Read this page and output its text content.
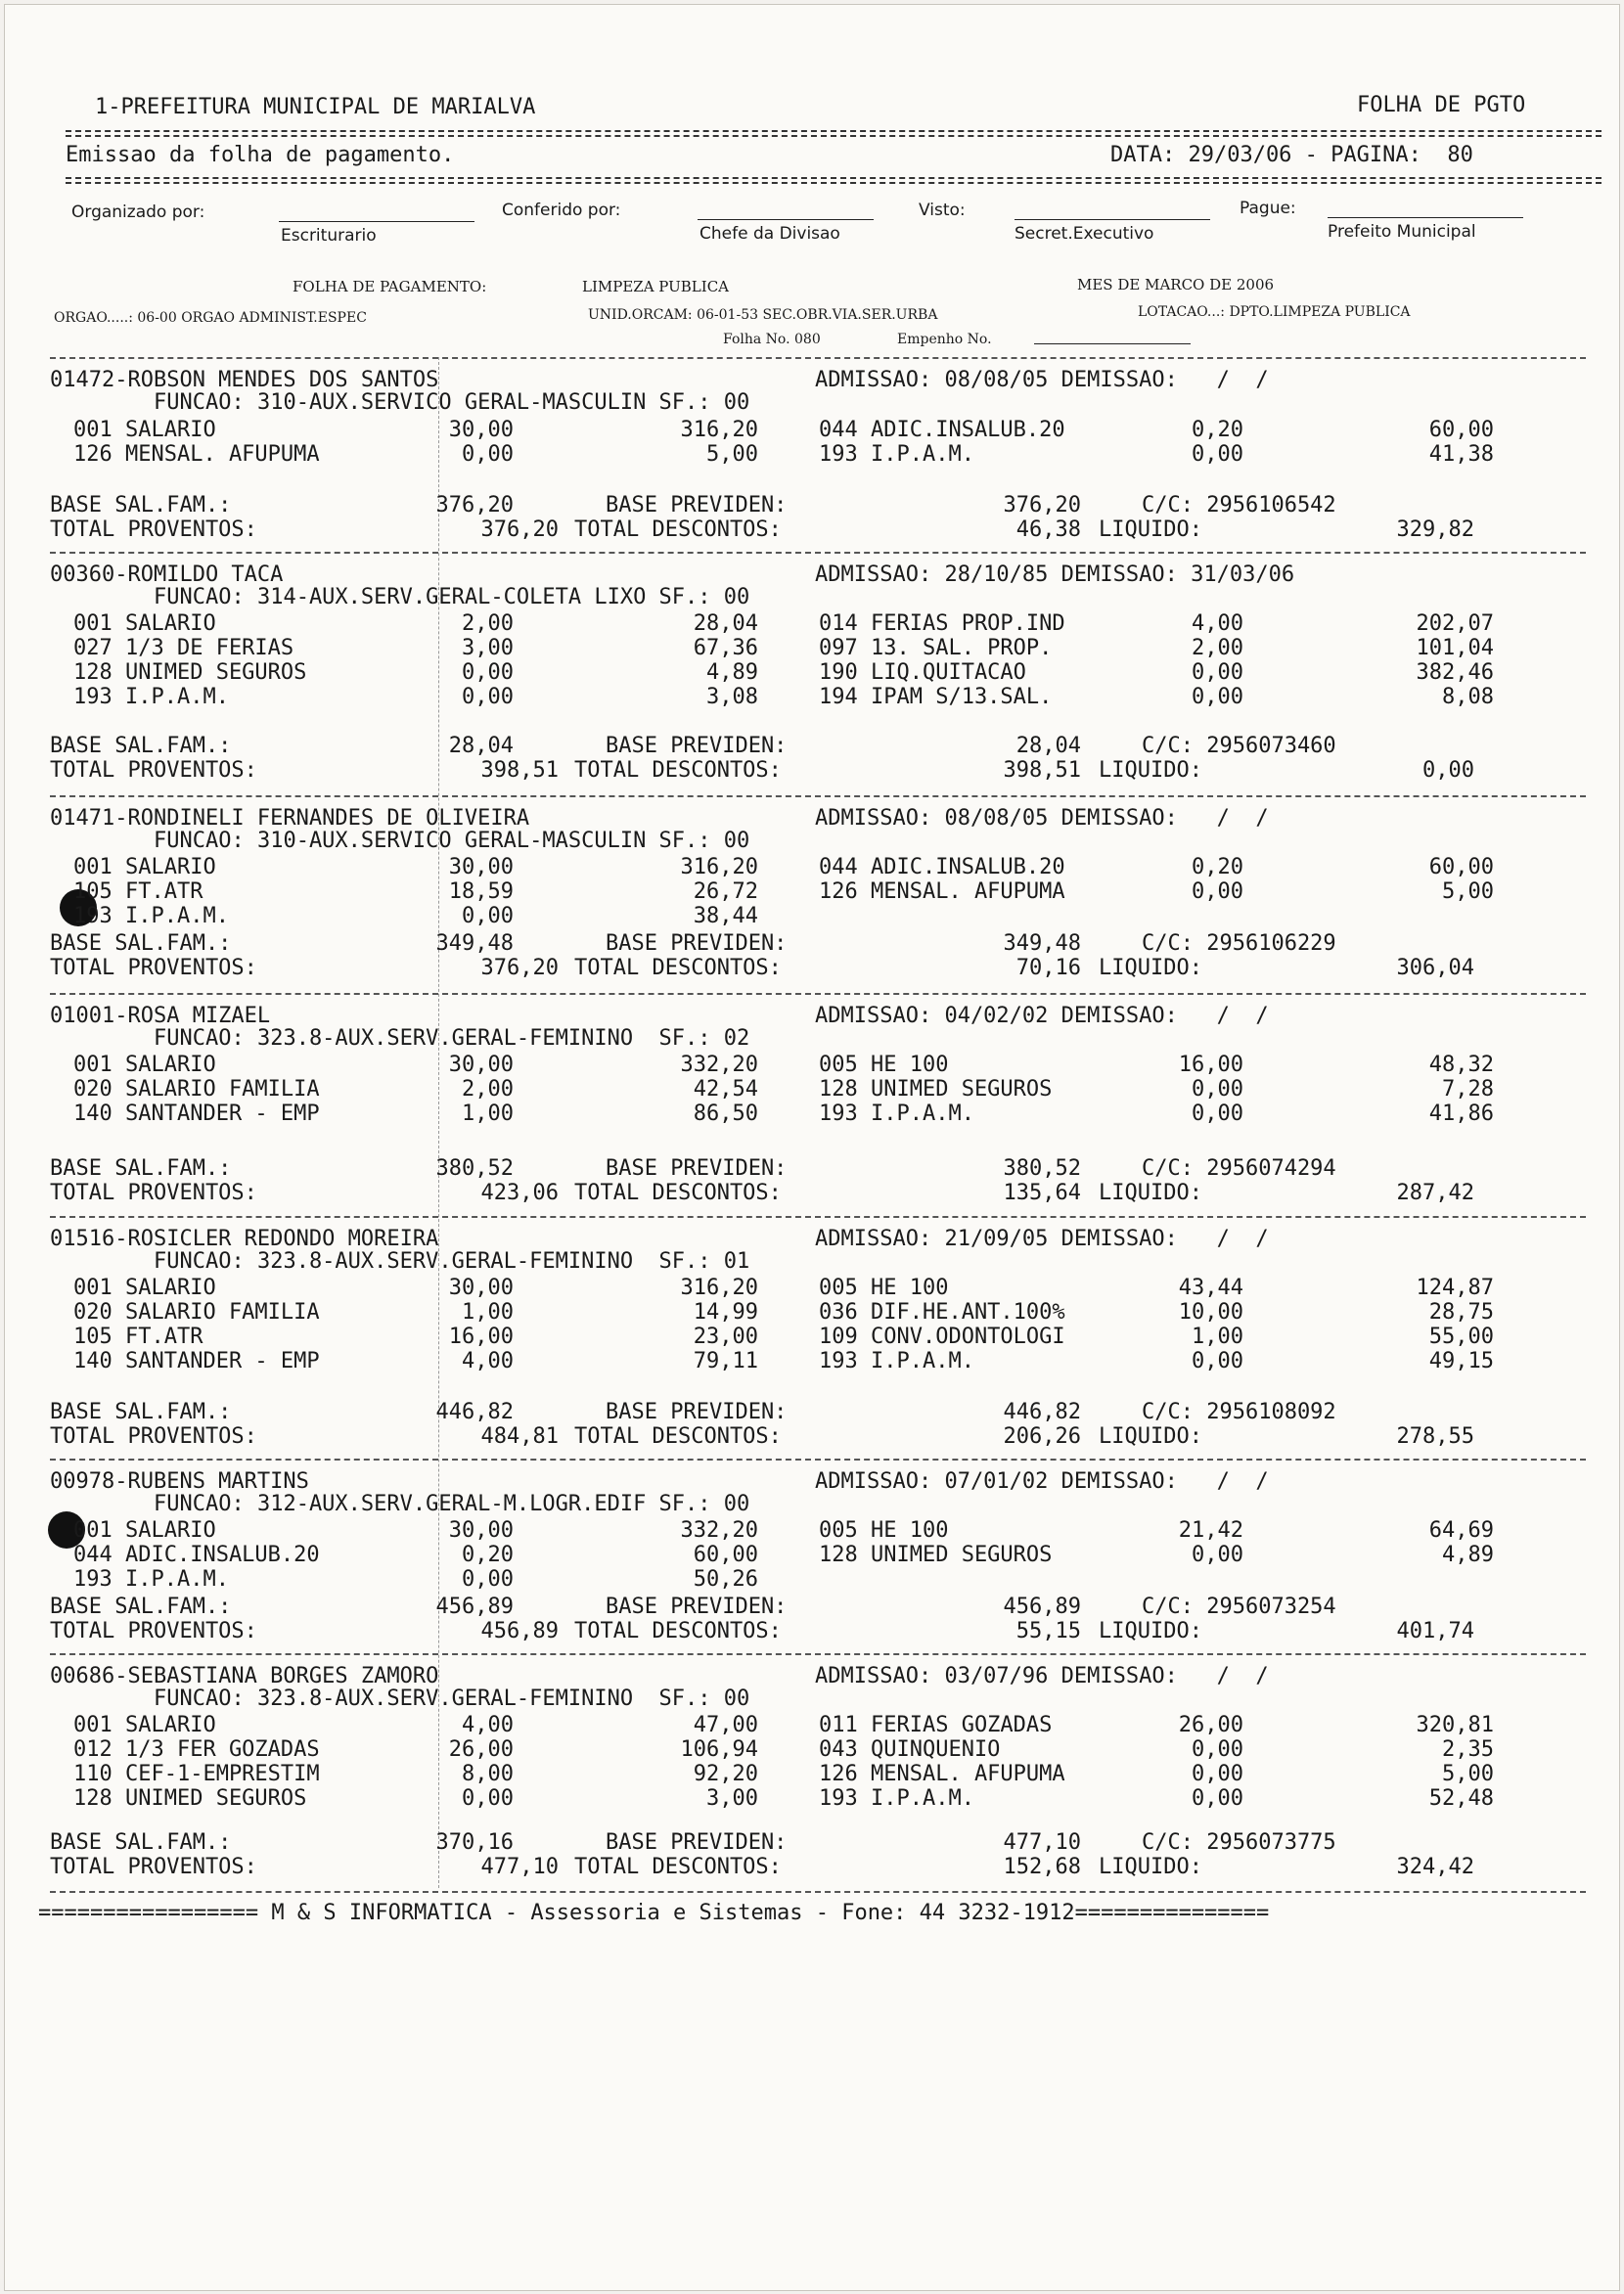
1-PREFEITURA MUNICIPAL DE MARIALVA	FOLHA DE PGTO
Emissao da folha de pagamento.	DATA: 29/03/06 - PAGINA:  80
Organizado por:	Conferido por:	Visto:	Pague:
Escriturario	Chefe da Divisao	Secret.Executivo	Prefeito Municipal
FOLHA DE PAGAMENTO:	LIMPEZA PUBLICA	MES DE MARCO DE 2006
ORGAO.....: 06-00 ORGAO ADMINIST.ESPEC	UNID.ORCAM: 06-01-53 SEC.OBR.VIA.SER.URBA	LOTACAO...: DPTO.LIMPEZA PUBLICA
Folha No. 080	Empenho No.
================= M & S INFORMATICA - Assessoria e Sistemas - Fone: 44 3232-1912===============
01472-ROBSON MENDES DOS SANTOS	ADMISSAO: 08/08/05 DEMISSAO:   /  /
FUNCAO: 310-AUX.SERVICO GERAL-MASCULIN SF.: 00
001 SALARIO	30,00	316,20	044 ADIC.INSALUB.20	0,20	60,00
126 MENSAL. AFUPUMA	0,00	5,00	193 I.P.A.M.	0,00	41,38
BASE SAL.FAM.:	376,20	BASE PREVIDEN:	376,20	C/C: 2956106542
TOTAL PROVENTOS:	376,20 TOTAL DESCONTOS:	46,38 LIQUIDO:	329,82
00360-ROMILDO TACA	ADMISSAO: 28/10/85 DEMISSAO: 31/03/06
FUNCAO: 314-AUX.SERV.GERAL-COLETA LIXO SF.: 00
001 SALARIO	2,00	28,04	014 FERIAS PROP.IND	4,00	202,07
027 1/3 DE FERIAS	3,00	67,36	097 13. SAL. PROP.	2,00	101,04
128 UNIMED SEGUROS	0,00	4,89	190 LIQ.QUITACAO	0,00	382,46
193 I.P.A.M.	0,00	3,08	194 IPAM S/13.SAL.	0,00	8,08
BASE SAL.FAM.:	28,04	BASE PREVIDEN:	28,04	C/C: 2956073460
TOTAL PROVENTOS:	398,51 TOTAL DESCONTOS:	398,51 LIQUIDO:	0,00
01471-RONDINELI FERNANDES DE OLIVEIRA	ADMISSAO: 08/08/05 DEMISSAO:   /  /
FUNCAO: 310-AUX.SERVICO GERAL-MASCULIN SF.: 00
001 SALARIO	30,00	316,20	044 ADIC.INSALUB.20	0,20	60,00
105 FT.ATR	18,59	26,72	126 MENSAL. AFUPUMA	0,00	5,00
193 I.P.A.M.	0,00	38,44
BASE SAL.FAM.:	349,48	BASE PREVIDEN:	349,48	C/C: 2956106229
TOTAL PROVENTOS:	376,20 TOTAL DESCONTOS:	70,16 LIQUIDO:	306,04
01001-ROSA MIZAEL	ADMISSAO: 04/02/02 DEMISSAO:   /  /
FUNCAO: 323.8-AUX.SERV.GERAL-FEMININO  SF.: 02
001 SALARIO	30,00	332,20	005 HE 100	16,00	48,32
020 SALARIO FAMILIA	2,00	42,54	128 UNIMED SEGUROS	0,00	7,28
140 SANTANDER - EMP	1,00	86,50	193 I.P.A.M.	0,00	41,86
BASE SAL.FAM.:	380,52	BASE PREVIDEN:	380,52	C/C: 2956074294
TOTAL PROVENTOS:	423,06 TOTAL DESCONTOS:	135,64 LIQUIDO:	287,42
01516-ROSICLER REDONDO MOREIRA	ADMISSAO: 21/09/05 DEMISSAO:   /  /
FUNCAO: 323.8-AUX.SERV.GERAL-FEMININO  SF.: 01
001 SALARIO	30,00	316,20	005 HE 100	43,44	124,87
020 SALARIO FAMILIA	1,00	14,99	036 DIF.HE.ANT.100%	10,00	28,75
105 FT.ATR	16,00	23,00	109 CONV.ODONTOLOGI	1,00	55,00
140 SANTANDER - EMP	4,00	79,11	193 I.P.A.M.	0,00	49,15
BASE SAL.FAM.:	446,82	BASE PREVIDEN:	446,82	C/C: 2956108092
TOTAL PROVENTOS:	484,81 TOTAL DESCONTOS:	206,26 LIQUIDO:	278,55
00978-RUBENS MARTINS	ADMISSAO: 07/01/02 DEMISSAO:   /  /
FUNCAO: 312-AUX.SERV.GERAL-M.LOGR.EDIF SF.: 00
001 SALARIO	30,00	332,20	005 HE 100	21,42	64,69
044 ADIC.INSALUB.20	0,20	60,00	128 UNIMED SEGUROS	0,00	4,89
193 I.P.A.M.	0,00	50,26
BASE SAL.FAM.:	456,89	BASE PREVIDEN:	456,89	C/C: 2956073254
TOTAL PROVENTOS:	456,89 TOTAL DESCONTOS:	55,15 LIQUIDO:	401,74
00686-SEBASTIANA BORGES ZAMORO	ADMISSAO: 03/07/96 DEMISSAO:   /  /
FUNCAO: 323.8-AUX.SERV.GERAL-FEMININO  SF.: 00
001 SALARIO	4,00	47,00	011 FERIAS GOZADAS	26,00	320,81
012 1/3 FER GOZADAS	26,00	106,94	043 QUINQUENIO	0,00	2,35
110 CEF-1-EMPRESTIM	8,00	92,20	126 MENSAL. AFUPUMA	0,00	5,00
128 UNIMED SEGUROS	0,00	3,00	193 I.P.A.M.	0,00	52,48
BASE SAL.FAM.:	370,16	BASE PREVIDEN:	477,10	C/C: 2956073775
TOTAL PROVENTOS:	477,10 TOTAL DESCONTOS:	152,68 LIQUIDO:	324,42
